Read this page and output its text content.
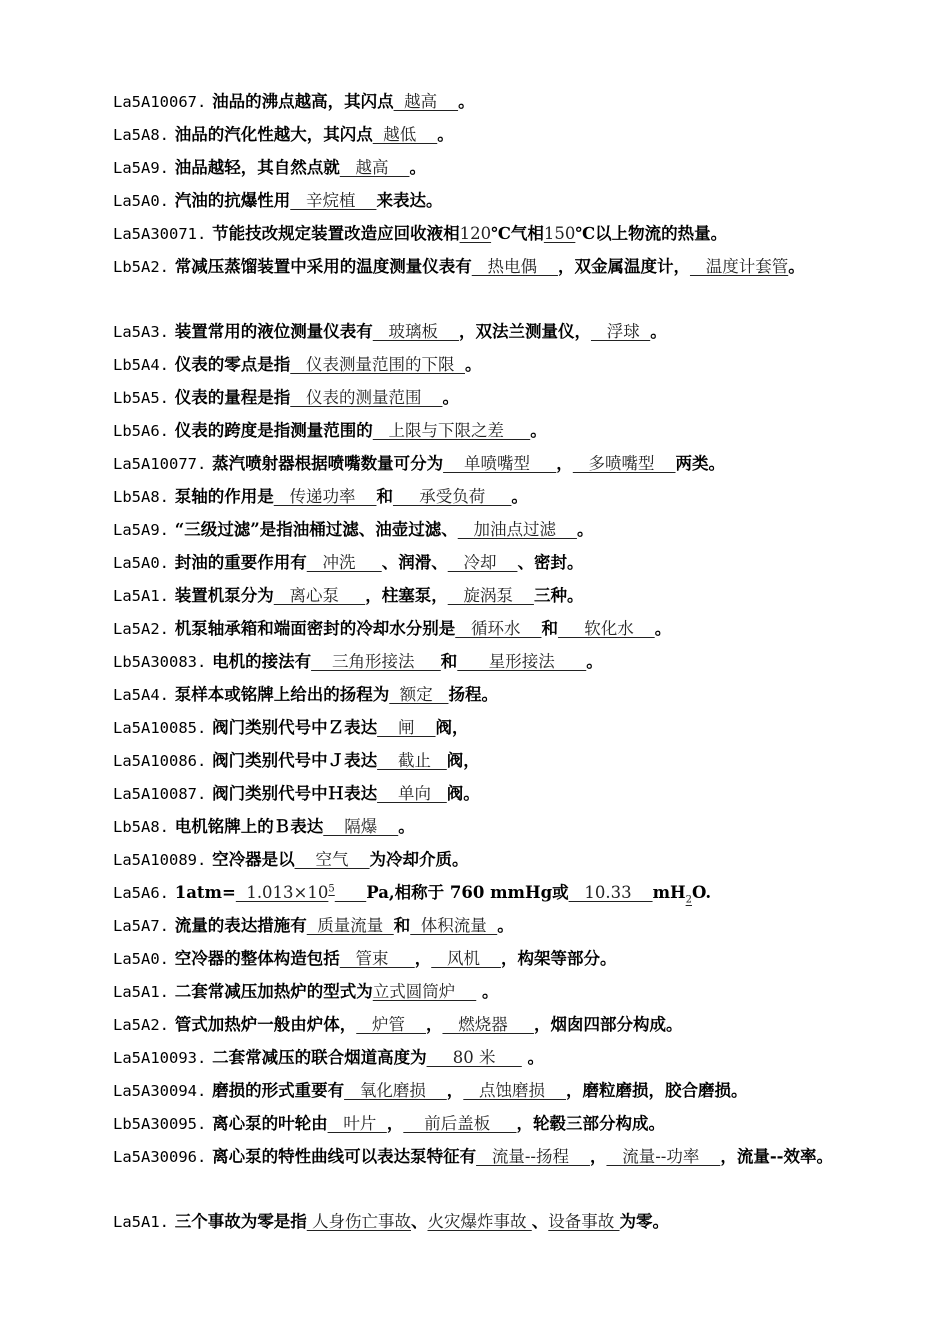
La5A10067. 油品的沸点越高，其闪点  越高    。
La5A8. 油品的汽化性越大，其闪点  越低    。
La5A9. 油品越轻，其自然点就   越高    。
La5A0. 汽油的抗爆性用   辛烷植    来表达。
La5A30071. 节能技改规定装置改造应回收液相120℃气相150℃以上物流的热量。
Lb5A2. 常减压蒸馏装置中采用的温度测量仪表有   热电偶    ，双金属温度计，   温度计套管。
La5A3. 装置常用的液位测量仪表有   玻璃板    ，双法兰测量仪，   浮球  。
Lb5A4. 仪表的零点是指   仪表测量范围的下限  。
Lb5A5. 仪表的量程是指   仪表的测量范围    。
Lb5A6. 仪表的跨度是指测量范围的   上限与下限之差     。
La5A10077. 蒸汽喷射器根据喷嘴数量可分为    单喷嘴型     ，   多喷嘴型    两类。
Lb5A8. 泵轴的作用是   传递功率    和     承受负荷     。
La5A9. “三级过滤”是指油桶过滤、油壶过滤、   加油点过滤    。
La5A0. 封油的重要作用有   冲洗     、润滑、   冷却    、密封。
La5A1. 装置机泵分为   离心泵     ，柱塞泵，   旋涡泵    三种。
La5A2. 机泵轴承箱和端面密封的冷却水分别是   循环水    和     软化水    。
Lb5A30083. 电机的接法有    三角形接法     和      星形接法      。
La5A4. 泵样本或铭牌上给出的扬程为  额定   扬程。
La5A10085. 阀门类别代号中Ｚ表达    闸    阀，
La5A10086. 阀门类别代号中Ｊ表达    截止   阀，
La5A10087. 阀门类别代号中Ｈ表达    单向   阀。
Lb5A8. 电机铭牌上的Ｂ表达    隔爆    。
La5A10089. 空冷器是以    空气    为冷却介质。
La5A6. $1atm= 1.013\times 10^5$ Pa,相称于 760 mmHg或   10.33    $mH_2O$.
La5A7. 流量的表达措施有  质量流量  和  体积流量  。
La5A0. 空冷器的整体构造包括   管束     ，   风机    ，构架等部分。
La5A1. 二套常减压加热炉的型式为立式圆筒炉     。
La5A2. 管式加热炉一般由炉体，   炉管    ，   燃烧器     ，烟囱四部分构成。
La5A10093. 二套常减压的联合烟道高度为     80 米      。
La5A30094. 磨损的形式重要有   氧化磨损    ，   点蚀磨损    ，磨粒磨损，胶合磨损。
Lb5A30095. 离心泵的叶轮由   叶片  ，    前后盖板     ，轮毂三部分构成。
La5A30096. 离心泵的特性曲线可以表达泵特征有   流量--扬程    ，   流量--功率    ，流量--效率。
La5A1. 三个事故为零是指 人身伤亡事故、火灾爆炸事故 、设备事故 为零。
